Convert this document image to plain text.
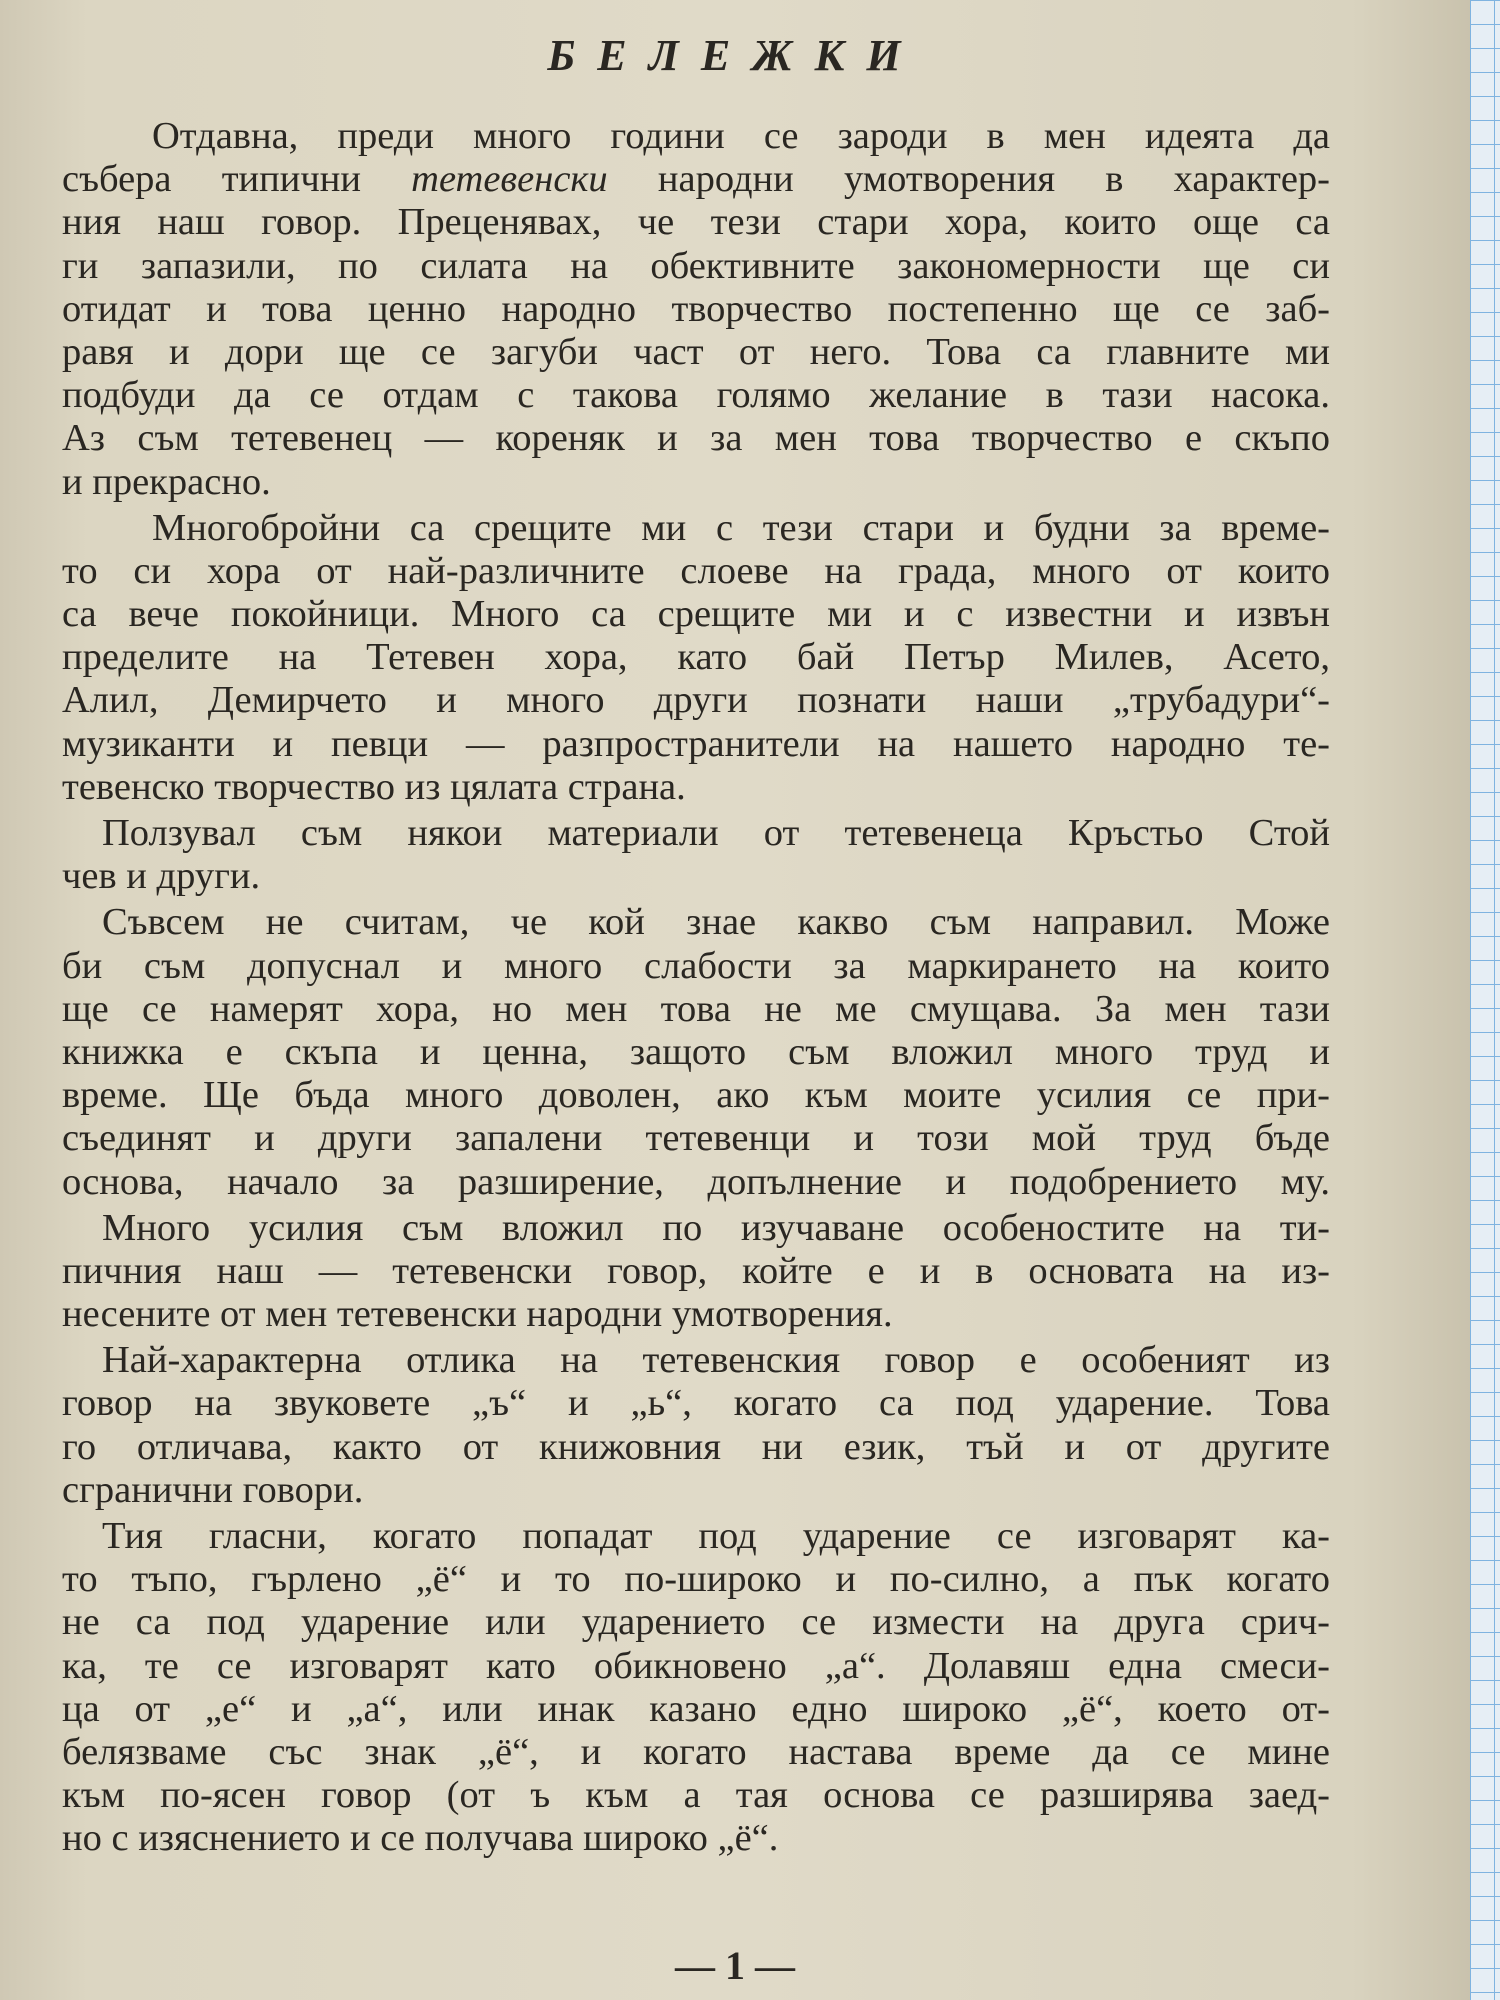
БЕЛЕЖКИ
Отдавна, преди много години се зароди в мен идеята да
събера типични тетевенски народни умотворения в характер-
ния наш говор. Преценявах, че тези стари хора, които още са
ги запазили, по силата на обективните закономерности ще си
отидат и това ценно народно творчество постепенно ще се заб-
равя и дори ще се загуби част от него. Това са главните ми
подбуди да се отдам с такова голямо желание в тази насока.
Аз съм тетевенец — кореняк и за мен това творчество е скъпо
и прекрасно.
Многобройни са срещите ми с тези стари и будни за време-
то си хора от най-различните слоеве на града, много от които
са вече покойници. Много са срещите ми и с известни и извън
пределите на Тетевен хора, като бай Петър Милев, Асето,
Алил, Демирчето и много други познати наши „трубадури“-
музиканти и певци — разпространители на нашето народно те-
тевенско творчество из цялата страна.
Ползувал съм някои материали от тетевенеца Кръстьо Стой
чев и други.
Съвсем не считам, че кой знае какво съм направил. Може
би съм допуснал и много слабости за маркирането на които
ще се намерят хора, но мен това не ме смущава. За мен тази
книжка е скъпа и ценна, защото съм вложил много труд и
време. Ще бъда много доволен, ако към моите усилия се при-
съединят и други запалени тетевенци и този мой труд бъде
основа, начало за разширение, допълнение и подобрението му.
Много усилия съм вложил по изучаване особеностите на ти-
пичния наш — тетевенски говор, койте е и в основата на из-
несените от мен тетевенски народни умотворения.
Най-характерна отлика на тетевенския говор е особеният из
говор на звуковете „ъ“ и „ь“, когато са под ударение. Това
го отличава, както от книжовния ни език, тъй и от другите
сгранични говори.
Тия гласни, когато попадат под ударение се изговарят ка-
то тъпо, гърлено „ё“ и то по-широко и по-силно, а пък когато
не са под ударение или ударението се измести на друга срич-
ка, те се изговарят като обикновено „а“. Долавяш една смеси-
ца от „е“ и „а“, или инак казано едно широко „ё“, което от-
белязваме със знак „ё“, и когато настава време да се мине
към по-ясен говор (от ъ към а тая основа се разширява заед-
но с изяснението и се получава широко „ё“.
— 1 —
